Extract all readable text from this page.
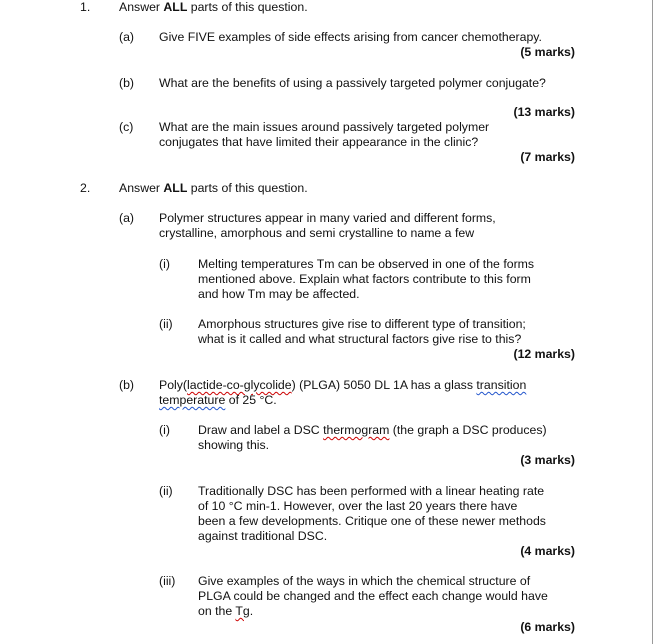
1. Answer ALL parts of this question.
(a) Give FIVE examples of side effects arising from cancer chemotherapy.
(5 marks)
(b) What are the benefits of using a passively targeted polymer conjugate?
(13 marks)
(c) What are the main issues around passively targeted polymer
conjugates that have limited their appearance in the clinic?
(7 marks)
2. Answer ALL parts of this question.
(a) Polymer structures appear in many varied and different forms,
crystalline, amorphous and semi crystalline to name a few
(i) Melting temperatures Tm can be observed in one of the forms
mentioned above. Explain what factors contribute to this form
and how Tm may be affected.
(ii) Amorphous structures give rise to different type of transition;
what is it called and what structural factors give rise to this?
(12 marks)
(b) Poly(lactide-co-glycolide) (PLGA) 5050 DL 1A has a glass transition
temperature of 25 °C.
(i) Draw and label a DSC thermogram (the graph a DSC produces)
showing this.
(3 marks)
(ii) Traditionally DSC has been performed with a linear heating rate
of 10 °C min-1. However, over the last 20 years there have
been a few developments. Critique one of these newer methods
against traditional DSC.
(4 marks)
(iii) Give examples of the ways in which the chemical structure of
PLGA could be changed and the effect each change would have
on the Tg.
(6 marks)
